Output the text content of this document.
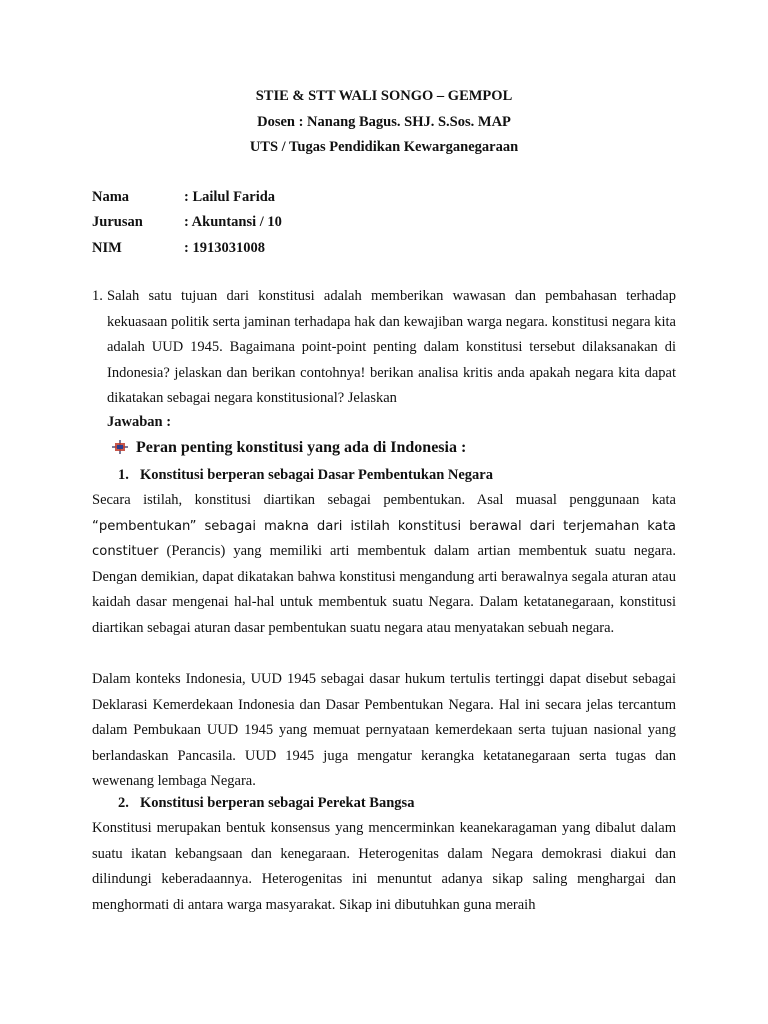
STIE & STT WALI SONGO – GEMPOL
Dosen : Nanang Bagus. SHJ. S.Sos. MAP
UTS / Tugas Pendidikan Kewarganegaraan
Nama	: Lailul Farida
Jurusan	: Akuntansi / 10
NIM	: 1913031008
1. Salah satu tujuan dari konstitusi adalah memberikan wawasan dan pembahasan terhadap kekuasaan politik serta jaminan terhadapa hak dan kewajiban warga negara. konstitusi negara kita adalah UUD 1945. Bagaimana point-point penting dalam konstitusi tersebut dilaksanakan di Indonesia? jelaskan dan berikan contohnya! berikan analisa kritis anda apakah negara kita dapat dikatakan sebagai negara konstitusional? Jelaskan
Jawaban :
Peran penting konstitusi yang ada di Indonesia :
1. Konstitusi berperan sebagai Dasar Pembentukan Negara
Secara istilah, konstitusi diartikan sebagai pembentukan. Asal muasal penggunaan kata “pembentukan” sebagai makna dari istilah konstitusi berawal dari terjemahan kata constituer (Perancis) yang memiliki arti membentuk dalam artian membentuk suatu negara. Dengan demikian, dapat dikatakan bahwa konstitusi mengandung arti berawalnya segala aturan atau kaidah dasar mengenai hal-hal untuk membentuk suatu Negara. Dalam ketatanegaraan, konstitusi diartikan sebagai aturan dasar pembentukan suatu negara atau menyatakan sebuah negara.
Dalam konteks Indonesia, UUD 1945 sebagai dasar hukum tertulis tertinggi dapat disebut sebagai Deklarasi Kemerdekaan Indonesia dan Dasar Pembentukan Negara. Hal ini secara jelas tercantum dalam Pembukaan UUD 1945 yang memuat pernyataan kemerdekaan serta tujuan nasional yang berlandaskan Pancasila. UUD 1945 juga mengatur kerangka ketatanegaraan serta tugas dan wewenang lembaga Negara.
2. Konstitusi berperan sebagai Perekat Bangsa
Konstitusi merupakan bentuk konsensus yang mencerminkan keanekaragaman yang dibalut dalam suatu ikatan kebangsaan dan kenegaraan. Heterogenitas dalam Negara demokrasi diakui dan dilindungi keberadaannya. Heterogenitas ini menuntut adanya sikap saling menghargai dan menghormati di antara warga masyarakat. Sikap ini dibutuhkan guna meraih
